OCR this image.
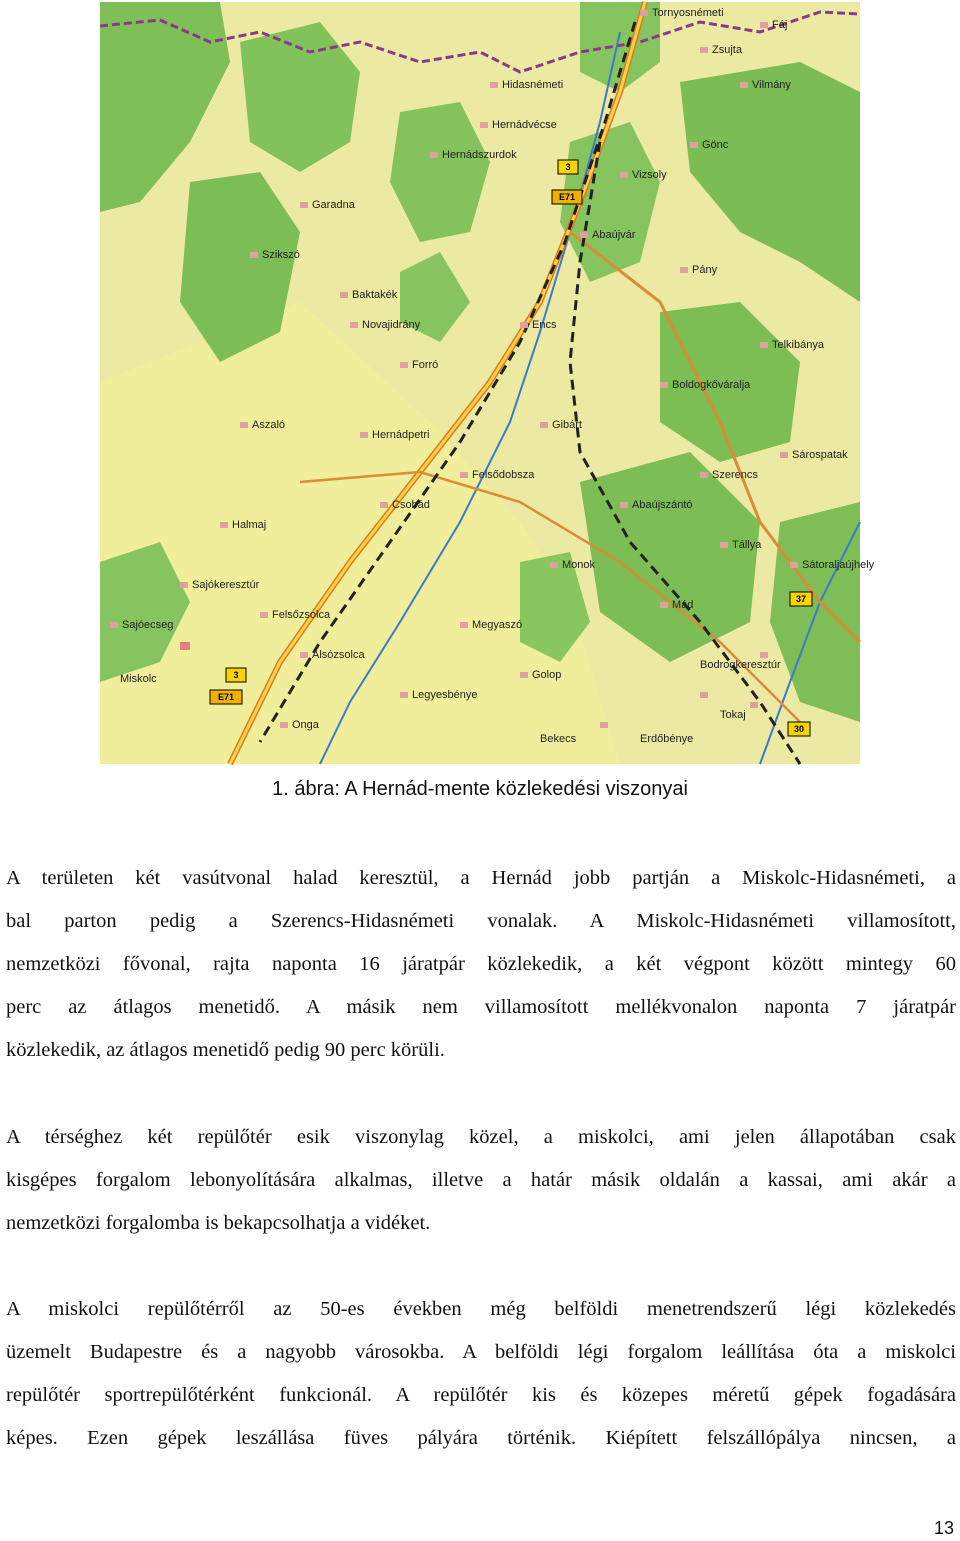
Tornyosnémeti
Hidasnémeti
Zsujta
Gönc
Hernádvécse
Hernádszurdok
Abaújvár
Pány
Telkibánya
Boldogkőváralja
Encs
Forró
Szikszó
Szerencs
Gibárt
Hernádpetri
Aszaló
Halmaj
Csobád
Felsődobsza
Novajidrány
Garadna
Vilmány
Vizsoly
Fáj
Baktakék
Monok
Mád
Tállya
Abaújszántó
Sárospatak
Sátoraljaújhely
Tokaj
Bodrogkeresztúr
Felsőzsolca
Miskolc
Alsózsolca
Onga
Megyaszó
Legyesbénye
Golop
Sajókeresztúr
Sajóecseg
Erdőbénye
Bekecs
3
E71
3
E71
37
30
1. ábra: A Hernád-mente közlekedési viszonyai

A területen két vasútvonal halad keresztül, a Hernád jobb partján a Miskolc-Hidasnémeti, a
bal parton pedig a Szerencs-Hidasnémeti vonalak. A Miskolc-Hidasnémeti villamosított,
nemzetközi fővonal, rajta naponta 16 járatpár közlekedik, a két végpont között mintegy 60
perc az átlagos menetidő. A másik nem villamosított mellékvonalon naponta 7 járatpár
közlekedik, az átlagos menetidő pedig 90 perc körüli.

A térséghez két repülőtér esik viszonylag közel, a miskolci, ami jelen állapotában csak
kisgépes forgalom lebonyolítására alkalmas, illetve a határ másik oldalán a kassai, ami akár a
nemzetközi forgalomba is bekapcsolhatja a vidéket.

A miskolci repülőtérről az 50-es években még belföldi menetrendszerű légi közlekedés
üzemelt Budapestre és a nagyobb városokba. A belföldi légi forgalom leállítása óta a miskolci
repülőtér sportrepülőtérként funkcionál. A repülőtér kis és közepes méretű gépek fogadására
képes. Ezen gépek leszállása füves pályára történik. Kiépített felszállópálya nincsen, a

13
